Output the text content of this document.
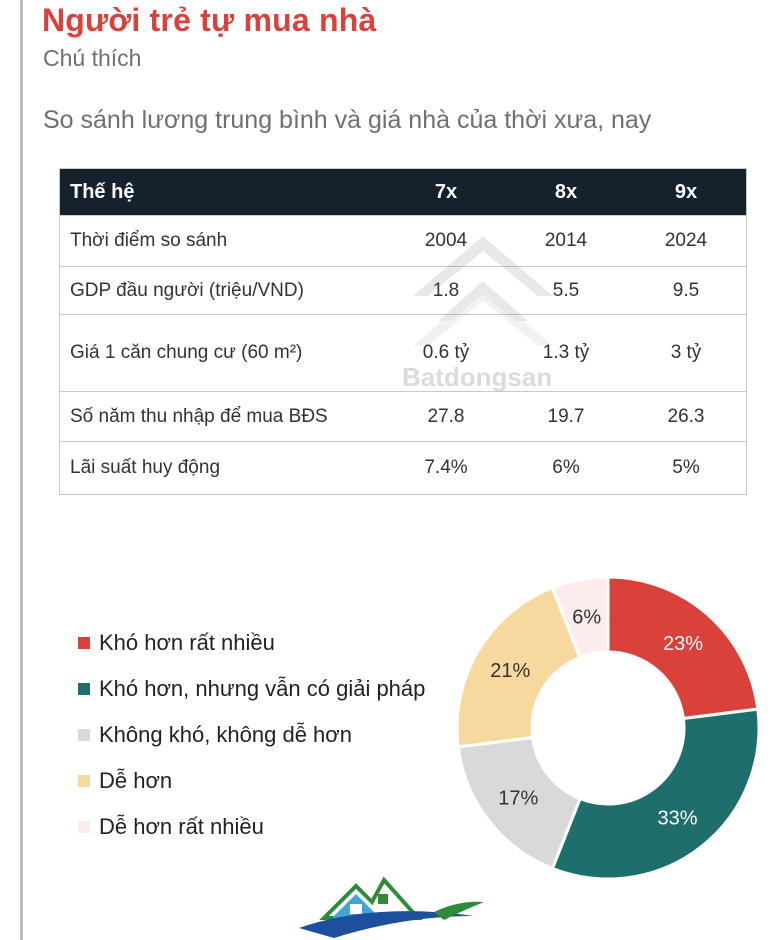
Người trẻ tự mua nhà
Chú thích
So sánh lương trung bình và giá nhà của thời xưa, nay
Thế hệ	7x	8x	9x
Thời điểm so sánh	2004	2014	2024
GDP đầu người (triệu/VND)	1.8	5.5	9.5
Giá 1 căn chung cư (60 m²)	0.6 tỷ	1.3 tỷ	3 tỷ
Số năm thu nhập để mua BĐS	27.8	19.7	26.3
Lãi suất huy động	7.4%	6%	5%
Batdongsan
Khó hơn rất nhiều
Khó hơn, nhưng vẫn có giải pháp
Không khó, không dễ hơn
Dễ hơn
Dễ hơn rất nhiều
23%
33%
17%
21%
6%
